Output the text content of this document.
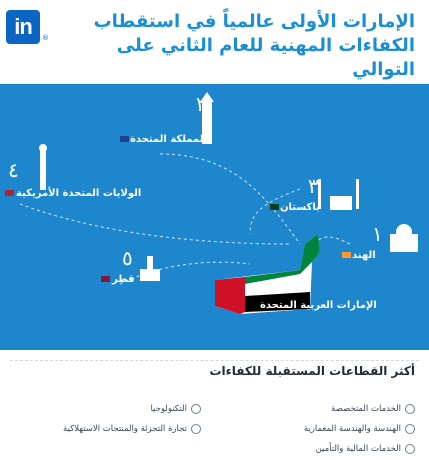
in	®
الإمارات الأولى عالمياً في استقطاب
الكفاءات المهنية للعام الثاني على التوالي
٢
المملكة المتحدة
٤
الولايات المتحدة الأمريكية	٣
باكستان
١
الهند
٥
قطر
الإمارات العربية المتحدة
أكثر القطاعات المستقبلة للكفاءات
الخدمات المتخصصة
الهندسة والهندسة المعمارية
الخدمات المالية والتأمين
التكنولوجيا
تجارة التجزئة والمنتجات الاستهلاكية
